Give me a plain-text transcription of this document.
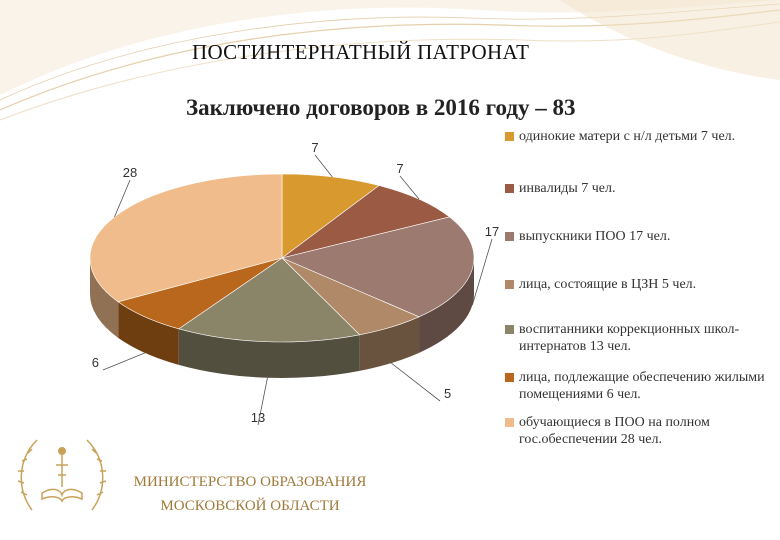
ПОСТИНТЕРНАТНЫЙ ПАТРОНАТ
Заключено договоров в 2016 году – 83
7
7
17
5
13
6
28
одинокие матери с н/л детьми 7 чел.
инвалиды 7 чел.
выпускники ПОО 17 чел.
лица, состоящие в ЦЗН 5 чел.
воспитанники коррекционных школ-интернатов 13 чел.
лица, подлежащие обеспечению жилыми помещениями 6 чел.
обучающиеся в ПОО на полном гос.обеспечении 28 чел.
МИНИСТЕРСТВО ОБРАЗОВАНИЯ
МОСКОВСКОЙ ОБЛАСТИ
